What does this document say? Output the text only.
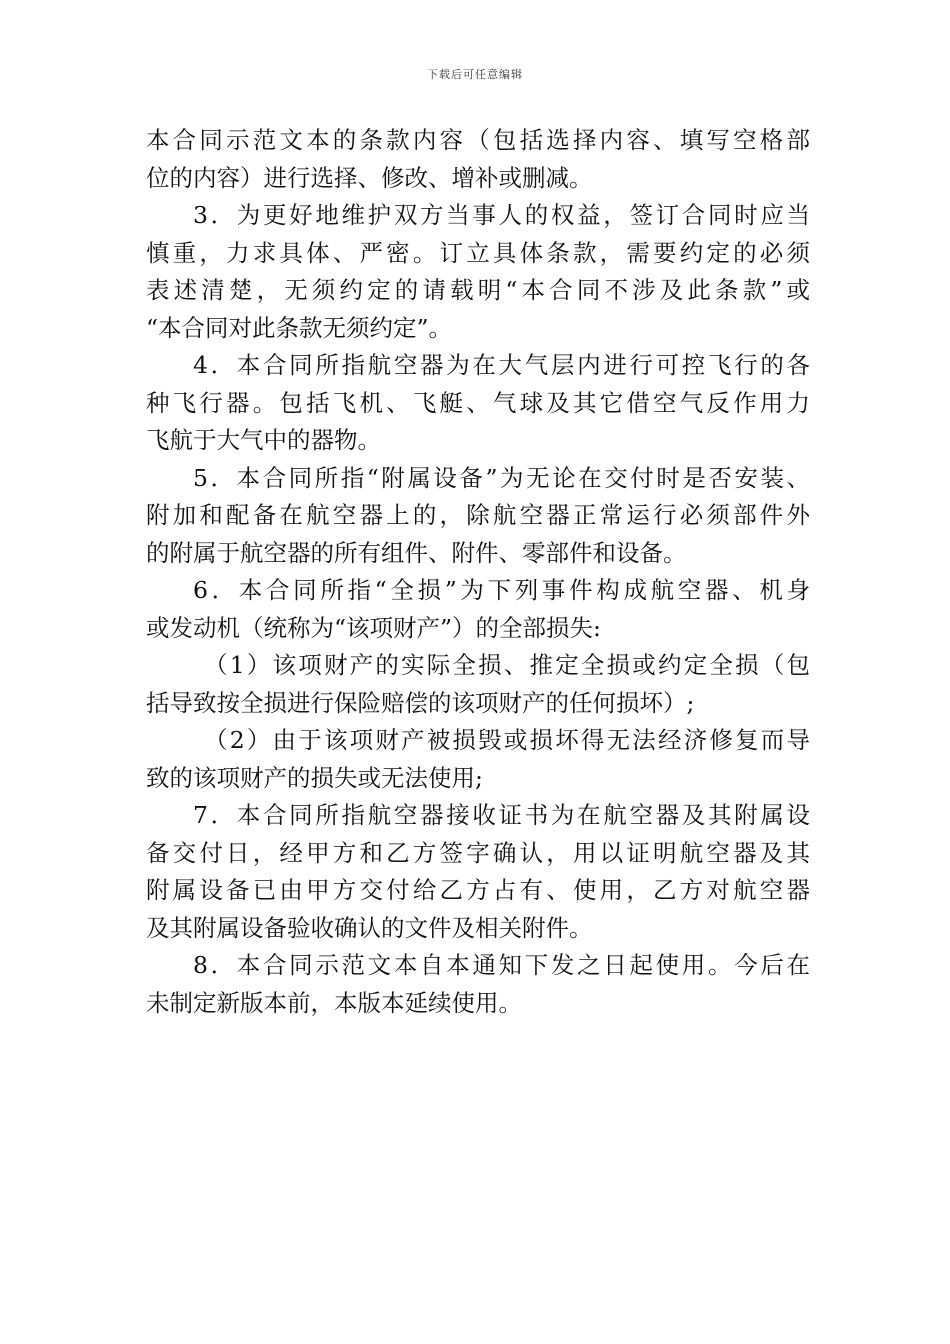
下载后可任意编辑
本合同示范文本的条款内容（包括选择内容、填写空格部
位的内容）进行选择、修改、增补或删减。
3．为更好地维护双方当事人的权益，签订合同时应当
慎重，力求具体、严密。订立具体条款，需要约定的必须
表述清楚，无须约定的请载明“本合同不涉及此条款”或
“本合同对此条款无须约定”。
4．本合同所指航空器为在大气层内进行可控飞行的各
种飞行器。包括飞机、飞艇、气球及其它借空气反作用力
飞航于大气中的器物。
5．本合同所指“附属设备”为无论在交付时是否安装、
附加和配备在航空器上的，除航空器正常运行必须部件外
的附属于航空器的所有组件、附件、零部件和设备。
6．本合同所指“全损”为下列事件构成航空器、机身
或发动机（统称为“该项财产”）的全部损失:
（1）该项财产的实际全损、推定全损或约定全损（包
括导致按全损进行保险赔偿的该项财产的任何损坏）;
（2）由于该项财产被损毁或损坏得无法经济修复而导
致的该项财产的损失或无法使用;
7．本合同所指航空器接收证书为在航空器及其附属设
备交付日，经甲方和乙方签字确认，用以证明航空器及其
附属设备已由甲方交付给乙方占有、使用，乙方对航空器
及其附属设备验收确认的文件及相关附件。
8．本合同示范文本自本通知下发之日起使用。今后在
未制定新版本前，本版本延续使用。
